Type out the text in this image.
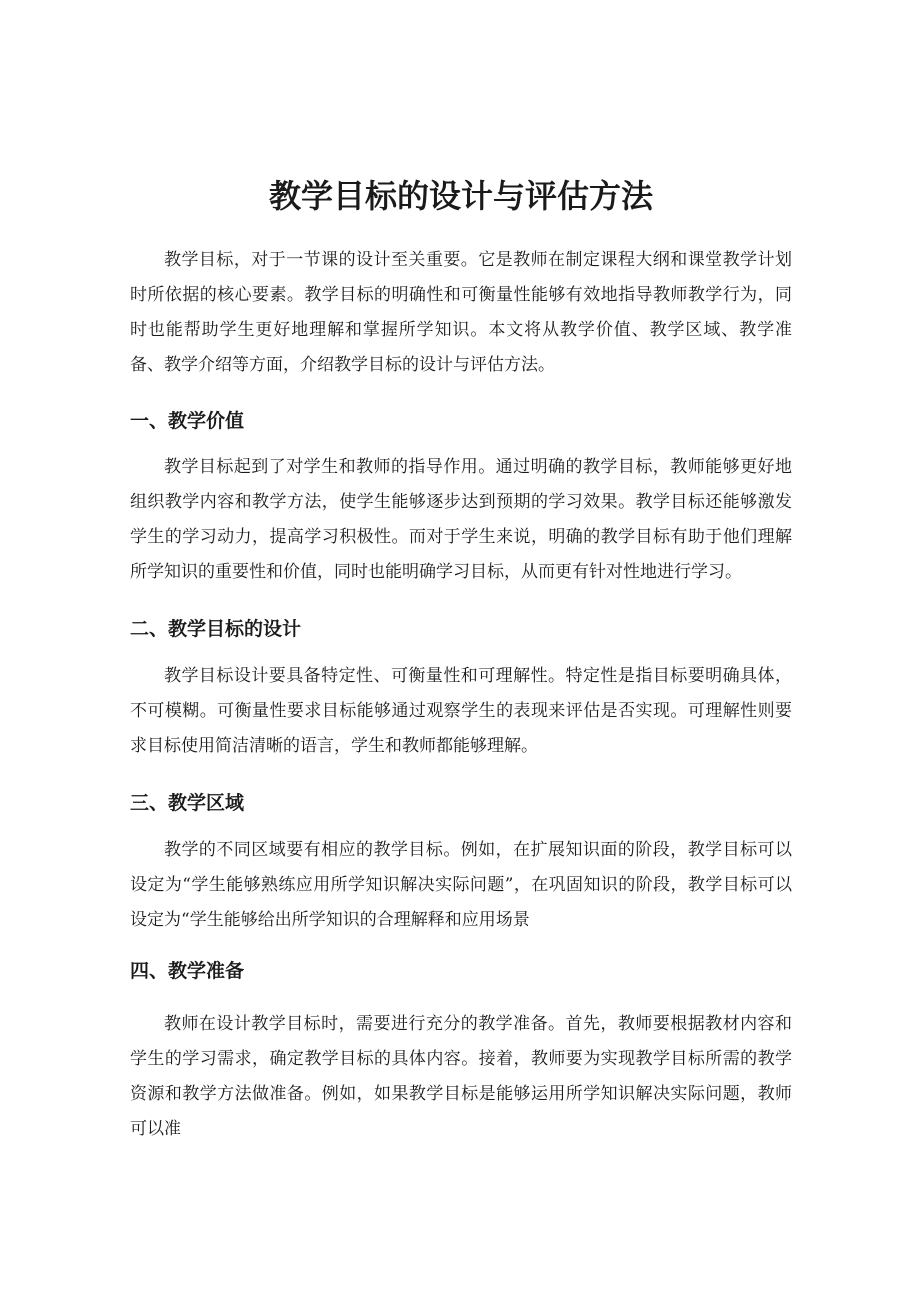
教学目标的设计与评估方法

教学目标，对于一节课的设计至关重要。它是教师在制定课程大纲和课堂教学计划时所依据的核心要素。教学目标的明确性和可衡量性能够有效地指导教师教学行为，同时也能帮助学生更好地理解和掌握所学知识。本文将从教学价值、教学区域、教学准备、教学介绍等方面，介绍教学目标的设计与评估方法。

一、教学价值

教学目标起到了对学生和教师的指导作用。通过明确的教学目标，教师能够更好地组织教学内容和教学方法，使学生能够逐步达到预期的学习效果。教学目标还能够激发学生的学习动力，提高学习积极性。而对于学生来说，明确的教学目标有助于他们理解所学知识的重要性和价值，同时也能明确学习目标，从而更有针对性地进行学习。

二、教学目标的设计

教学目标设计要具备特定性、可衡量性和可理解性。特定性是指目标要明确具体，不可模糊。可衡量性要求目标能够通过观察学生的表现来评估是否实现。可理解性则要求目标使用简洁清晰的语言，学生和教师都能够理解。

三、教学区域

教学的不同区域要有相应的教学目标。例如，在扩展知识面的阶段，教学目标可以设定为“学生能够熟练应用所学知识解决实际问题”，在巩固知识的阶段，教学目标可以设定为“学生能够给出所学知识的合理解释和应用场景

四、教学准备

教师在设计教学目标时，需要进行充分的教学准备。首先，教师要根据教材内容和学生的学习需求，确定教学目标的具体内容。接着，教师要为实现教学目标所需的教学资源和教学方法做准备。例如，如果教学目标是能够运用所学知识解决实际问题，教师可以准
